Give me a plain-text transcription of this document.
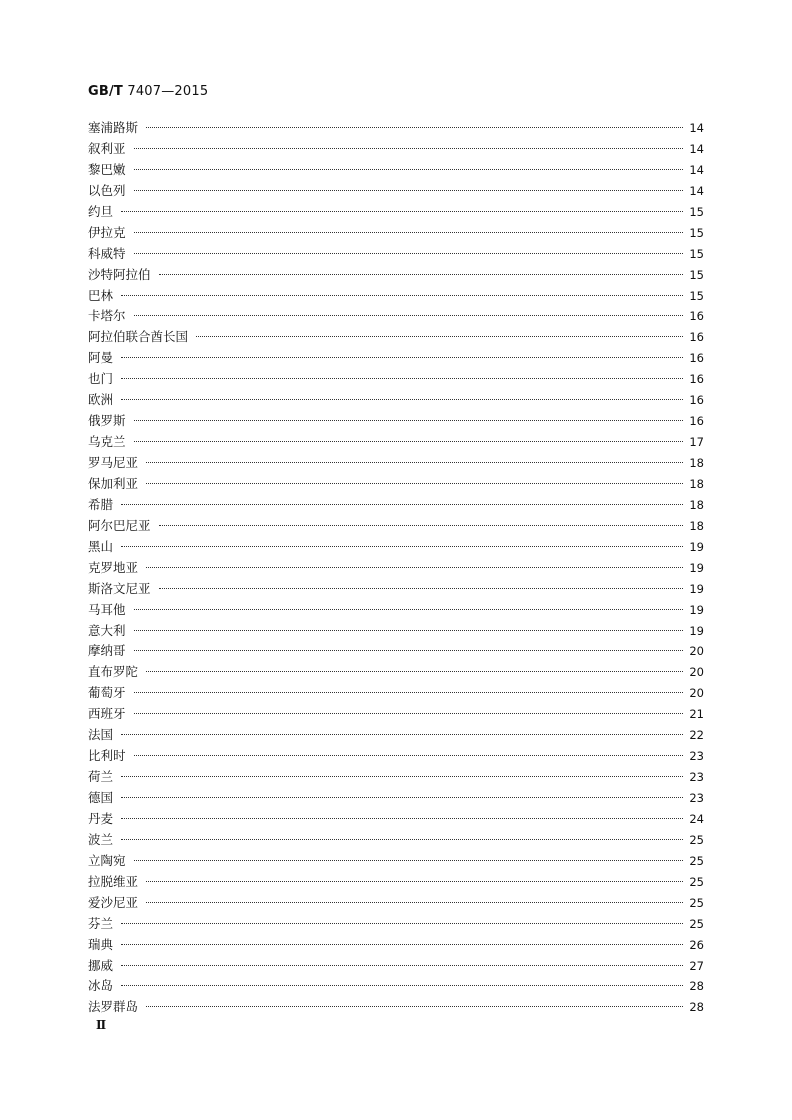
GB/T 7407—2015
塞浦路斯	14
叙利亚	14
黎巴嫩	14
以色列	14
约旦	15
伊拉克	15
科威特	15
沙特阿拉伯	15
巴林	15
卡塔尔	16
阿拉伯联合酋长国	16
阿曼	16
也门	16
欧洲	16
俄罗斯	16
乌克兰	17
罗马尼亚	18
保加利亚	18
希腊	18
阿尔巴尼亚	18
黑山	19
克罗地亚	19
斯洛文尼亚	19
马耳他	19
意大利	19
摩纳哥	20
直布罗陀	20
葡萄牙	20
西班牙	21
法国	22
比利时	23
荷兰	23
德国	23
丹麦	24
波兰	25
立陶宛	25
拉脱维亚	25
爱沙尼亚	25
芬兰	25
瑞典	26
挪威	27
冰岛	28
法罗群岛	28
Ⅱ
